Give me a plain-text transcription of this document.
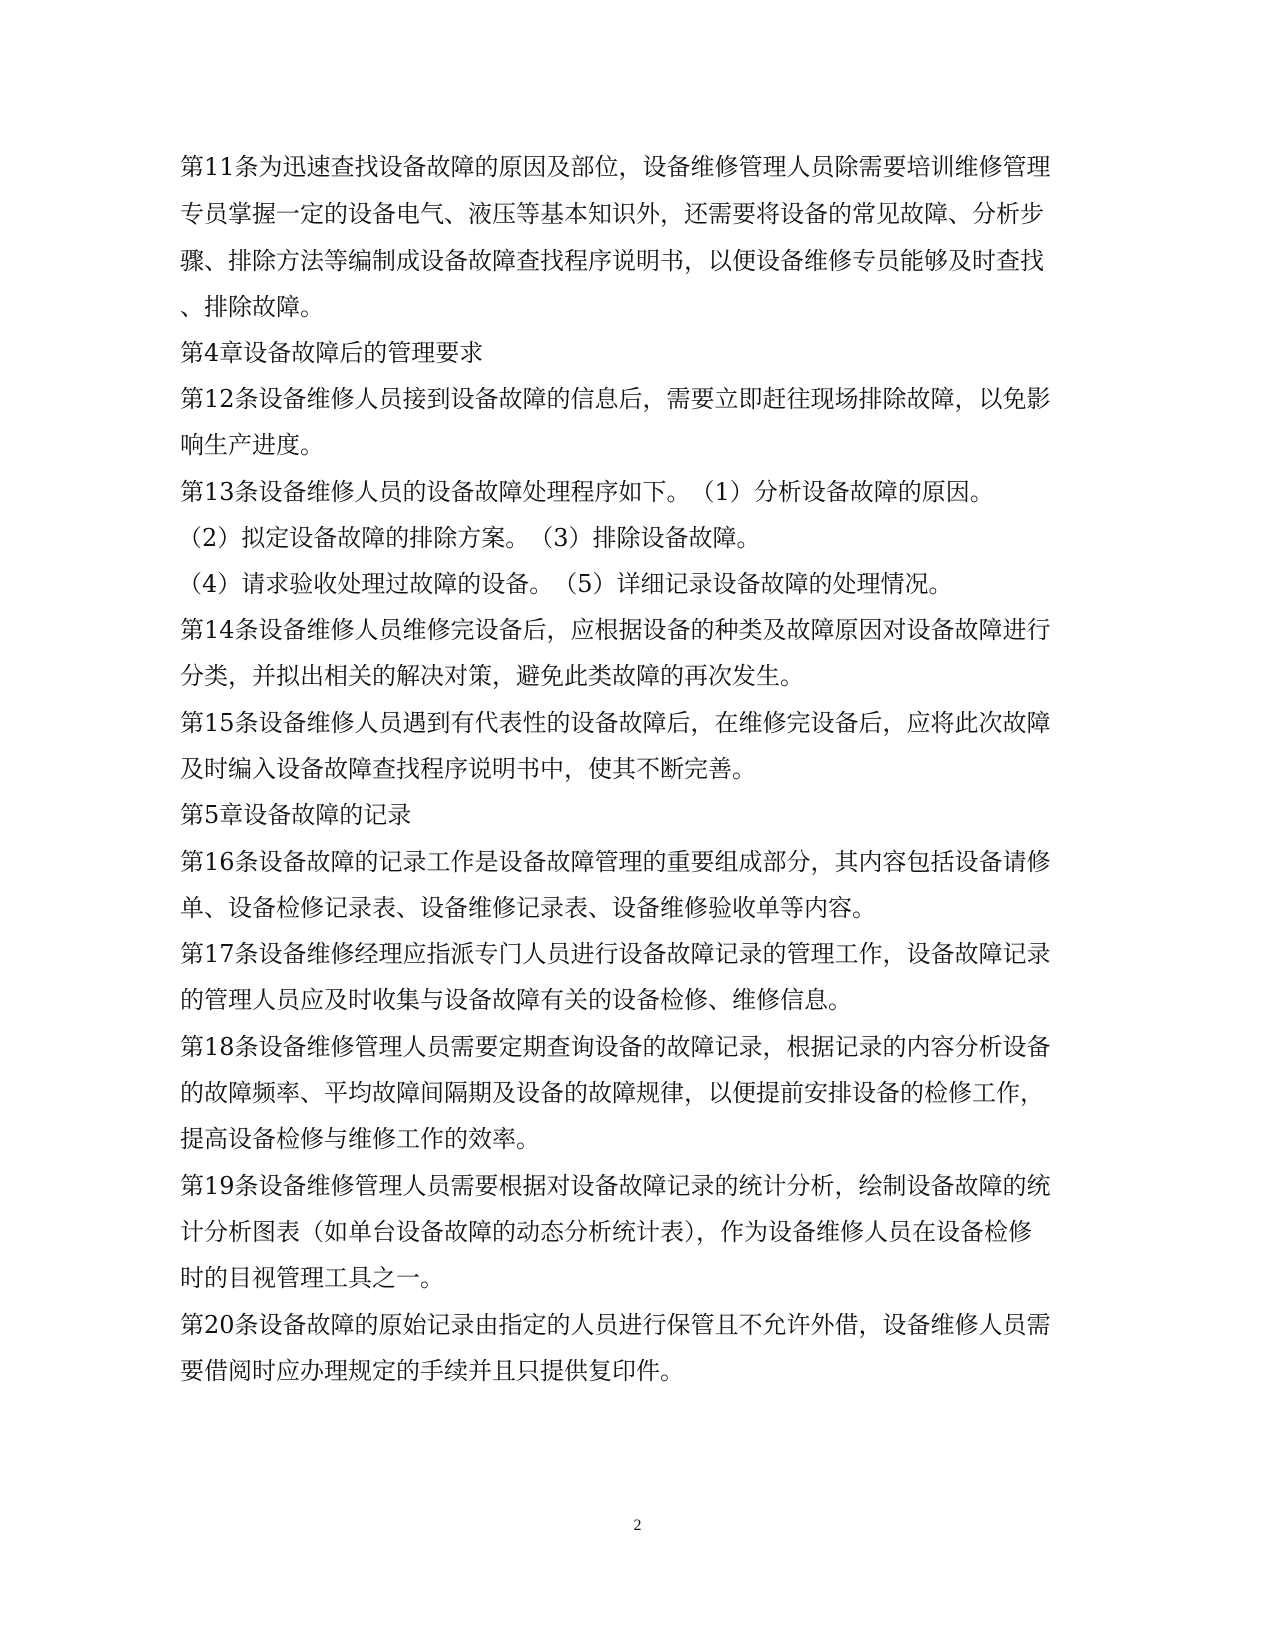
第11条为迅速查找设备故障的原因及部位，设备维修管理人员除需要培训维修管理
专员掌握一定的设备电气、液压等基本知识外，还需要将设备的常见故障、分析步
骤、排除方法等编制成设备故障查找程序说明书，以便设备维修专员能够及时查找
、排除故障。
第4章设备故障后的管理要求
第12条设备维修人员接到设备故障的信息后，需要立即赶往现场排除故障，以免影
响生产进度。
第13条设备维修人员的设备故障处理程序如下。　（1）分析设备故障的原因。
（2）拟定设备故障的排除方案。　（3）排除设备故障。
（4）请求验收处理过故障的设备。　（5）详细记录设备故障的处理情况。
第14条设备维修人员维修完设备后，应根据设备的种类及故障原因对设备故障进行
分类，并拟出相关的解决对策，避免此类故障的再次发生。
第15条设备维修人员遇到有代表性的设备故障后，在维修完设备后，应将此次故障
及时编入设备故障查找程序说明书中，使其不断完善。
第5章设备故障的记录
第16条设备故障的记录工作是设备故障管理的重要组成部分，其内容包括设备请修
单、设备检修记录表、设备维修记录表、设备维修验收单等内容。
第17条设备维修经理应指派专门人员进行设备故障记录的管理工作，设备故障记录
的管理人员应及时收集与设备故障有关的设备检修、维修信息。
第18条设备维修管理人员需要定期查询设备的故障记录，根据记录的内容分析设备
的故障频率、平均故障间隔期及设备的故障规律，以便提前安排设备的检修工作，
提高设备检修与维修工作的效率。
第19条设备维修管理人员需要根据对设备故障记录的统计分析，绘制设备故障的统
计分析图表（如单台设备故障的动态分析统计表），作为设备维修人员在设备检修
时的目视管理工具之一。
第20条设备故障的原始记录由指定的人员进行保管且不允许外借，设备维修人员需
要借阅时应办理规定的手续并且只提供复印件。
2
